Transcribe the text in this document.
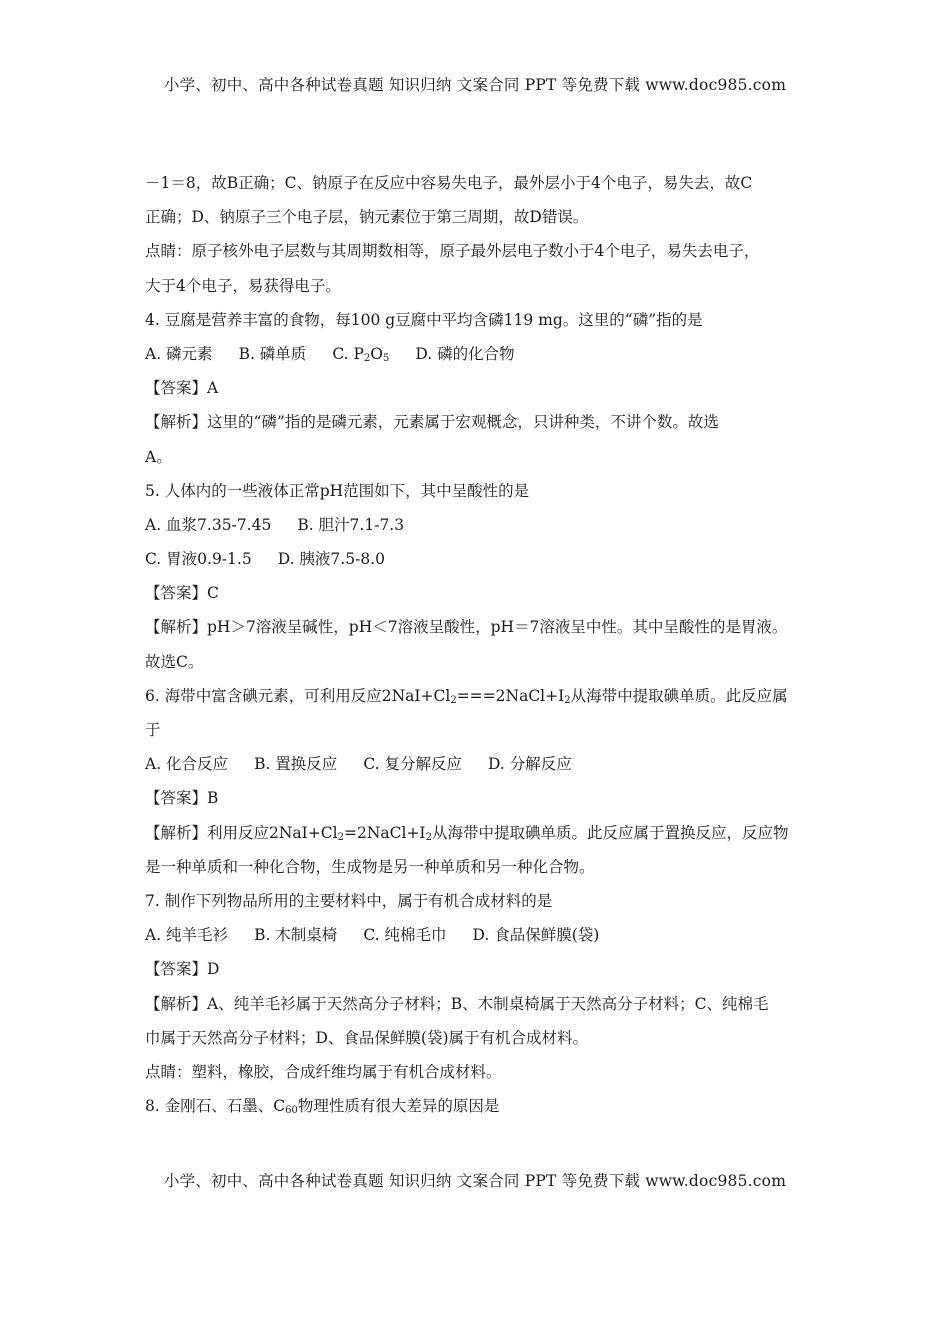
小学、初中、高中各种试卷真题 知识归纳 文案合同 PPT 等免费下载 www.doc985.com
－1＝8，故B正确；C、钠原子在反应中容易失电子，最外层小于4个电子，易失去，故C
正确；D、钠原子三个电子层，钠元素位于第三周期，故D错误。
点睛：原子核外电子层数与其周期数相等，原子最外层电子数小于4个电子，易失去电子，
大于4个电子，易获得电子。
4. 豆腐是营养丰富的食物，每100 g豆腐中平均含磷119 mg。这里的“磷”指的是
A. 磷元素 B. 磷单质 C. $P_2O_5$ D. 磷的化合物
【答案】A
【解析】这里的“磷”指的是磷元素，元素属于宏观概念，只讲种类，不讲个数。故选
A。
5. 人体内的一些液体正常pH范围如下，其中呈酸性的是
A. 血浆7.35-7.45 B. 胆汁7.1-7.3
C. 胃液0.9-1.5 D. 胰液7.5-8.0
【答案】C
【解析】pH＞7溶液呈碱性，pH＜7溶液呈酸性，pH＝7溶液呈中性。其中呈酸性的是胃液。
故选C。
6. 海带中富含碘元素，可利用反应$2NaI+Cl_2===2NaCl+I_2$从海带中提取碘单质。此反应属
于
A. 化合反应 B. 置换反应 C. 复分解反应 D. 分解反应
【答案】B
【解析】利用反应$2NaI+Cl_2=2NaCl+I_2$从海带中提取碘单质。此反应属于置换反应，反应物
是一种单质和一种化合物，生成物是另一种单质和另一种化合物。
7. 制作下列物品所用的主要材料中，属于有机合成材料的是
A. 纯羊毛衫 B. 木制桌椅 C. 纯棉毛巾 D. 食品保鲜膜(袋)
【答案】D
【解析】A、纯羊毛衫属于天然高分子材料；B、木制桌椅属于天然高分子材料；C、纯棉毛
巾属于天然高分子材料；D、食品保鲜膜(袋)属于有机合成材料。
点睛：塑料，橡胶，合成纤维均属于有机合成材料。
8. 金刚石、石墨、$C_{60}$物理性质有很大差异的原因是
小学、初中、高中各种试卷真题 知识归纳 文案合同 PPT 等免费下载 www.doc985.com
